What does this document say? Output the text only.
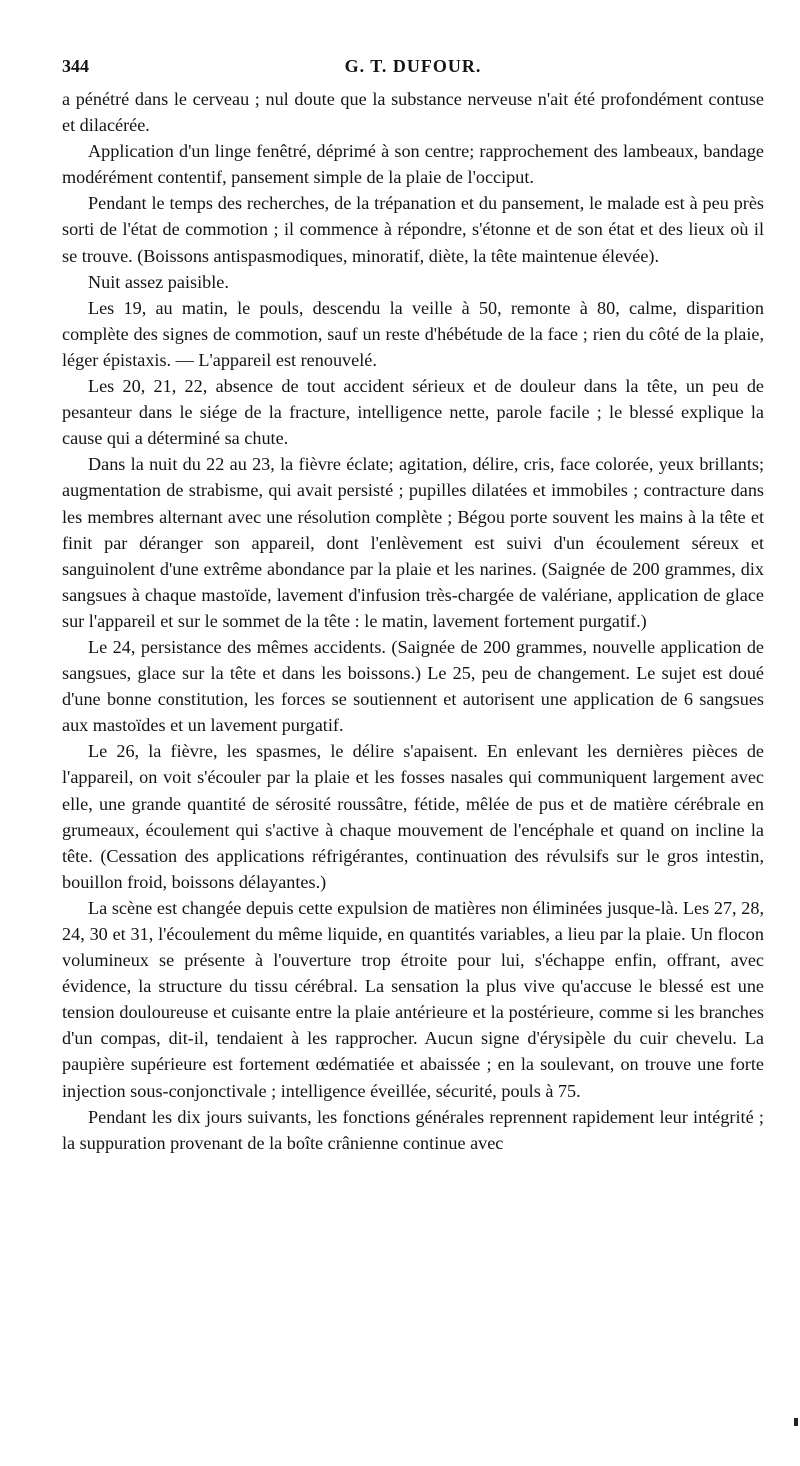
344	G. T. DUFOUR.

a pénétré dans le cerveau ; nul doute que la substance nerveuse n'ait été profondément contuse et dilacérée.

Application d'un linge fenêtré, déprimé à son centre; rapprochement des lambeaux, bandage modérément contentif, pansement simple de la plaie de l'occiput.

Pendant le temps des recherches, de la trépanation et du pansement, le malade est à peu près sorti de l'état de commotion ; il commence à répondre, s'étonne et de son état et des lieux où il se trouve. (Boissons antispasmodiques, minoratif, diète, la tête maintenue élevée).

Nuit assez paisible.

Les 19, au matin, le pouls, descendu la veille à 50, remonte à 80, calme, disparition complète des signes de commotion, sauf un reste d'hébétude de la face ; rien du côté de la plaie, léger épistaxis. — L'appareil est renouvelé.

Les 20, 21, 22, absence de tout accident sérieux et de douleur dans la tête, un peu de pesanteur dans le siége de la fracture, intelligence nette, parole facile ; le blessé explique la cause qui a déterminé sa chute.

Dans la nuit du 22 au 23, la fièvre éclate; agitation, délire, cris, face colorée, yeux brillants; augmentation de strabisme, qui avait persisté ; pupilles dilatées et immobiles ; contracture dans les membres alternant avec une résolution complète ; Bégou porte souvent les mains à la tête et finit par déranger son appareil, dont l'enlèvement est suivi d'un écoulement séreux et sanguinolent d'une extrême abondance par la plaie et les narines. (Saignée de 200 grammes, dix sangsues à chaque mastoïde, lavement d'infusion très-chargée de valériane, application de glace sur l'appareil et sur le sommet de la tête : le matin, lavement fortement purgatif.)

Le 24, persistance des mêmes accidents. (Saignée de 200 grammes, nouvelle application de sangsues, glace sur la tête et dans les boissons.) Le 25, peu de changement. Le sujet est doué d'une bonne constitution, les forces se soutiennent et autorisent une application de 6 sangsues aux mastoïdes et un lavement purgatif.

Le 26, la fièvre, les spasmes, le délire s'apaisent. En enlevant les dernières pièces de l'appareil, on voit s'écouler par la plaie et les fosses nasales qui communiquent largement avec elle, une grande quantité de sérosité roussâtre, fétide, mêlée de pus et de matière cérébrale en grumeaux, écoulement qui s'active à chaque mouvement de l'encéphale et quand on incline la tête. (Cessation des applications réfrigérantes, continuation des révulsifs sur le gros intestin, bouillon froid, boissons délayantes.)

La scène est changée depuis cette expulsion de matières non éliminées jusque-là. Les 27, 28, 24, 30 et 31, l'écoulement du même liquide, en quantités variables, a lieu par la plaie. Un flocon volumineux se présente à l'ouverture trop étroite pour lui, s'échappe enfin, offrant, avec évidence, la structure du tissu cérébral. La sensation la plus vive qu'accuse le blessé est une tension douloureuse et cuisante entre la plaie antérieure et la postérieure, comme si les branches d'un compas, dit-il, tendaient à les rapprocher. Aucun signe d'érysipèle du cuir chevelu. La paupière supérieure est fortement œdématiée et abaissée ; en la soulevant, on trouve une forte injection sous-conjonctivale ; intelligence éveillée, sécurité, pouls à 75.

Pendant les dix jours suivants, les fonctions générales reprennent rapidement leur intégrité ; la suppuration provenant de la boîte crânienne continue avec
